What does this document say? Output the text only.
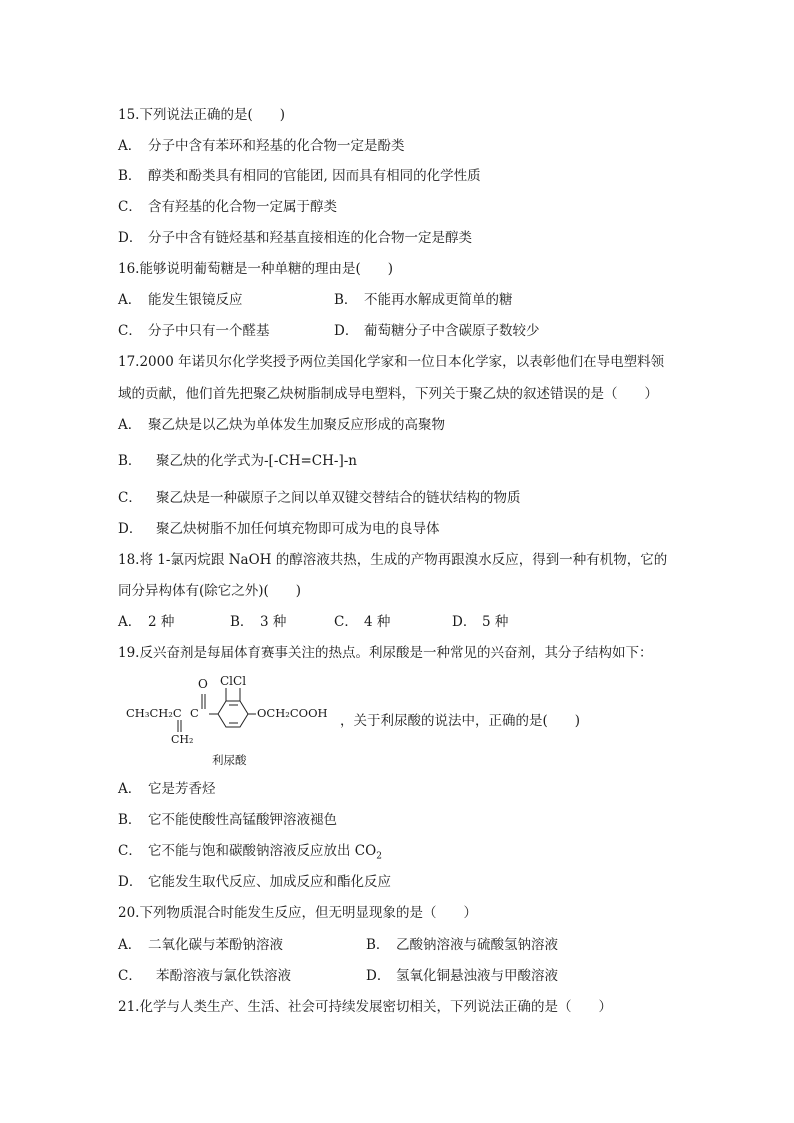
15.下列说法正确的是(　　)
A． 分子中含有苯环和羟基的化合物一定是酚类
B． 醇类和酚类具有相同的官能团, 因而具有相同的化学性质
C． 含有羟基的化合物一定属于醇类
D． 分子中含有链烃基和羟基直接相连的化合物一定是醇类
16.能够说明葡萄糖是一种单糖的理由是(　　)
A． 能发生银镜反应	B． 不能再水解成更简单的糖
C． 分子中只有一个醛基	D． 葡萄糖分子中含碳原子数较少
17.2000 年诺贝尔化学奖授予两位美国化学家和一位日本化学家，以表彰他们在导电塑料领
域的贡献，他们首先把聚乙炔树脂制成导电塑料，下列关于聚乙炔的叙述错误的是（　　）
A． 聚乙炔是以乙炔为单体发生加聚反应形成的高聚物
B． 聚乙炔的化学式为-[-CH=CH-]-n
C． 聚乙炔是一种碳原子之间以单双键交替结合的链状结构的物质
D． 聚乙炔树脂不加任何填充物即可成为电的良导体
18.将 1-氯丙烷跟 NaOH 的醇溶液共热，生成的产物再跟溴水反应，得到一种有机物，它的
同分异构体有(除它之外)(　　)
A． 2 种	B． 3 种	C． 4 种	D． 5 种
19.反兴奋剂是每届体育赛事关注的热点。利尿酸是一种常见的兴奋剂，其分子结构如下：
O ClCl
CH₃CH₂C C	OCH₂COOH
CH₂
利尿酸
，关于利尿酸的说法中，正确的是(　　)
A． 它是芳香烃
B． 它不能使酸性高锰酸钾溶液褪色
C． 它不能与饱和碳酸钠溶液反应放出 $CO_2$
D． 它能发生取代反应、加成反应和酯化反应
20.下列物质混合时能发生反应，但无明显现象的是（　　）
A． 二氧化碳与苯酚钠溶液	B． 乙酸钠溶液与硫酸氢钠溶液
C． 苯酚溶液与氯化铁溶液	D． 氢氧化铜悬浊液与甲酸溶液
21.化学与人类生产、生活、社会可持续发展密切相关，下列说法正确的是（　　）
